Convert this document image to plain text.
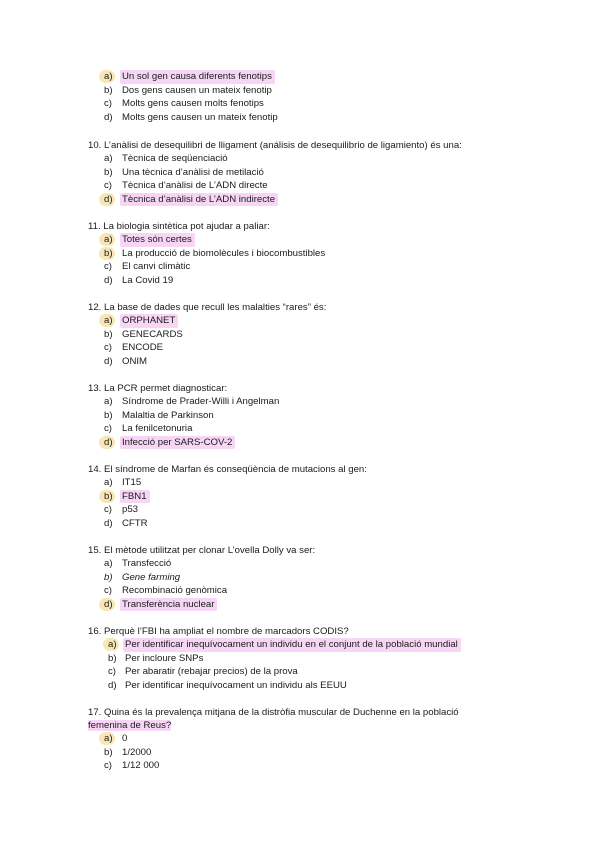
a) Un sol gen causa diferents fenotips
b) Dos gens causen un mateix fenotip
c)	Molts gens causen molts fenotips
d) Molts gens causen un mateix fenotip
10. L’anàlisi de desequilibri de lligament (análisis de desequilibrio de ligamiento) és una:
a) Tècnica de seqüenciació
b) Una tècnica d’anàlisi de metilació
c)	Tècnica d’anàlisi de L’ADN directe
d) Tècnica d’anàlisi de L’ADN indirecte
11. La biologia sintètica pot ajudar a paliar:
a) Totes són certes
b) La producció de biomolècules i biocombustibles
c)	El canvi climàtic
d) La Covid 19
12. La base de dades que recull les malalties “rares” és:
a) ORPHANET
b) GENECARDS
c)	ENCODE
d) ONIM
13. La PCR permet diagnosticar:
a) Síndrome de Prader-Willi i Angelman
b) Malaltia de Parkinson
c)	La fenilcetonuria
d) Infecció per SARS-COV-2
14. El síndrome de Marfan és conseqüència de mutacions al gen:
a) IT15
b) FBN1
c)	p53
d) CFTR
15. El mètode utilitzat per clonar L’ovella Dolly va ser:
a) Transfecció
b) Gene farming
c)	Recombinació genòmica
d) Transferència nuclear
16. Perquè l’FBI ha ampliat el nombre de marcadors CODIS?
a) Per identificar inequívocament un individu en el conjunt de la població mundial
b) Per incloure SNPs
c) Per abaratir (rebajar precios) de la prova
d) Per identificar inequívocament un individu als EEUU
17. Quina és la prevalença mitjana de la distròfia muscular de Duchenne en la població
femenina de Reus?
a) 0
b) 1/2000
c)	1/12 000
